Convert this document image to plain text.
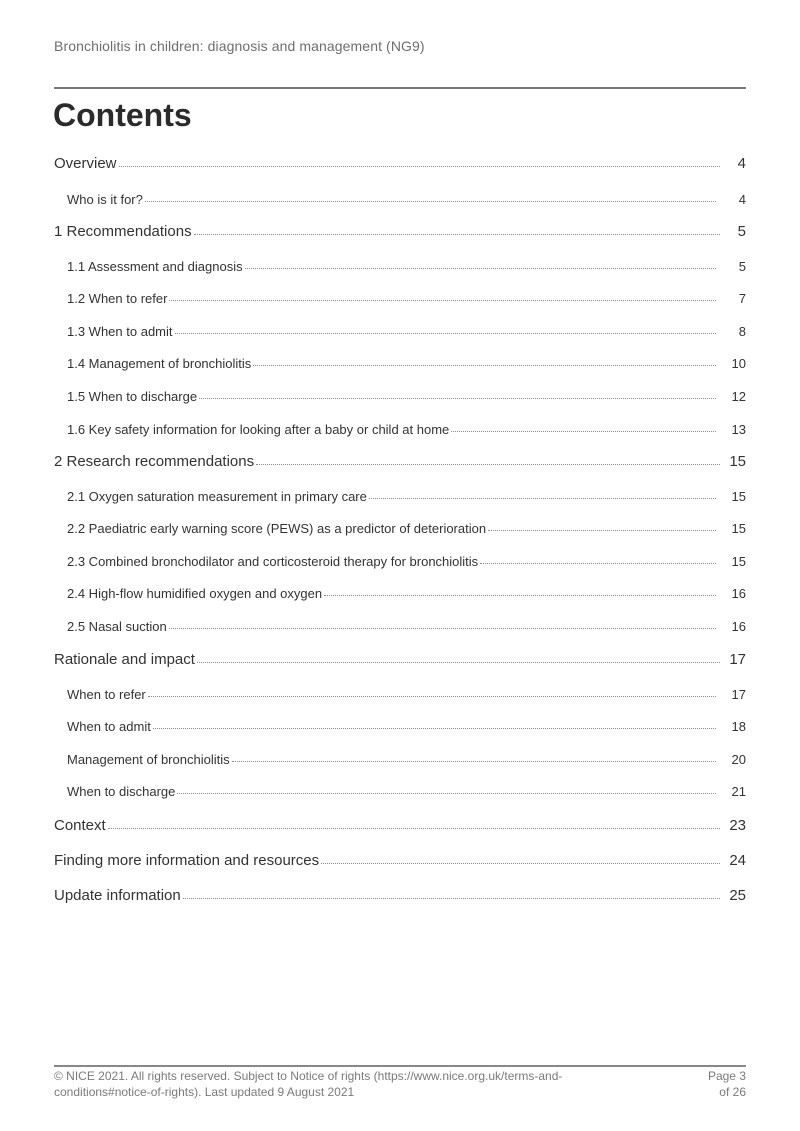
Bronchiolitis in children: diagnosis and management (NG9)
Contents
Overview	4
Who is it for?	4
1 Recommendations	5
1.1 Assessment and diagnosis	5
1.2 When to refer	7
1.3 When to admit	8
1.4 Management of bronchiolitis	10
1.5 When to discharge	12
1.6 Key safety information for looking after a baby or child at home	13
2 Research recommendations	15
2.1 Oxygen saturation measurement in primary care	15
2.2 Paediatric early warning score (PEWS) as a predictor of deterioration	15
2.3 Combined bronchodilator and corticosteroid therapy for bronchiolitis	15
2.4 High-flow humidified oxygen and oxygen	16
2.5 Nasal suction	16
Rationale and impact	17
When to refer	17
When to admit	18
Management of bronchiolitis	20
When to discharge	21
Context	23
Finding more information and resources	24
Update information	25
© NICE 2021. All rights reserved. Subject to Notice of rights (https://www.nice.org.uk/terms-and-
conditions#notice-of-rights). Last updated 9 August 2021
Page 3
of 26
